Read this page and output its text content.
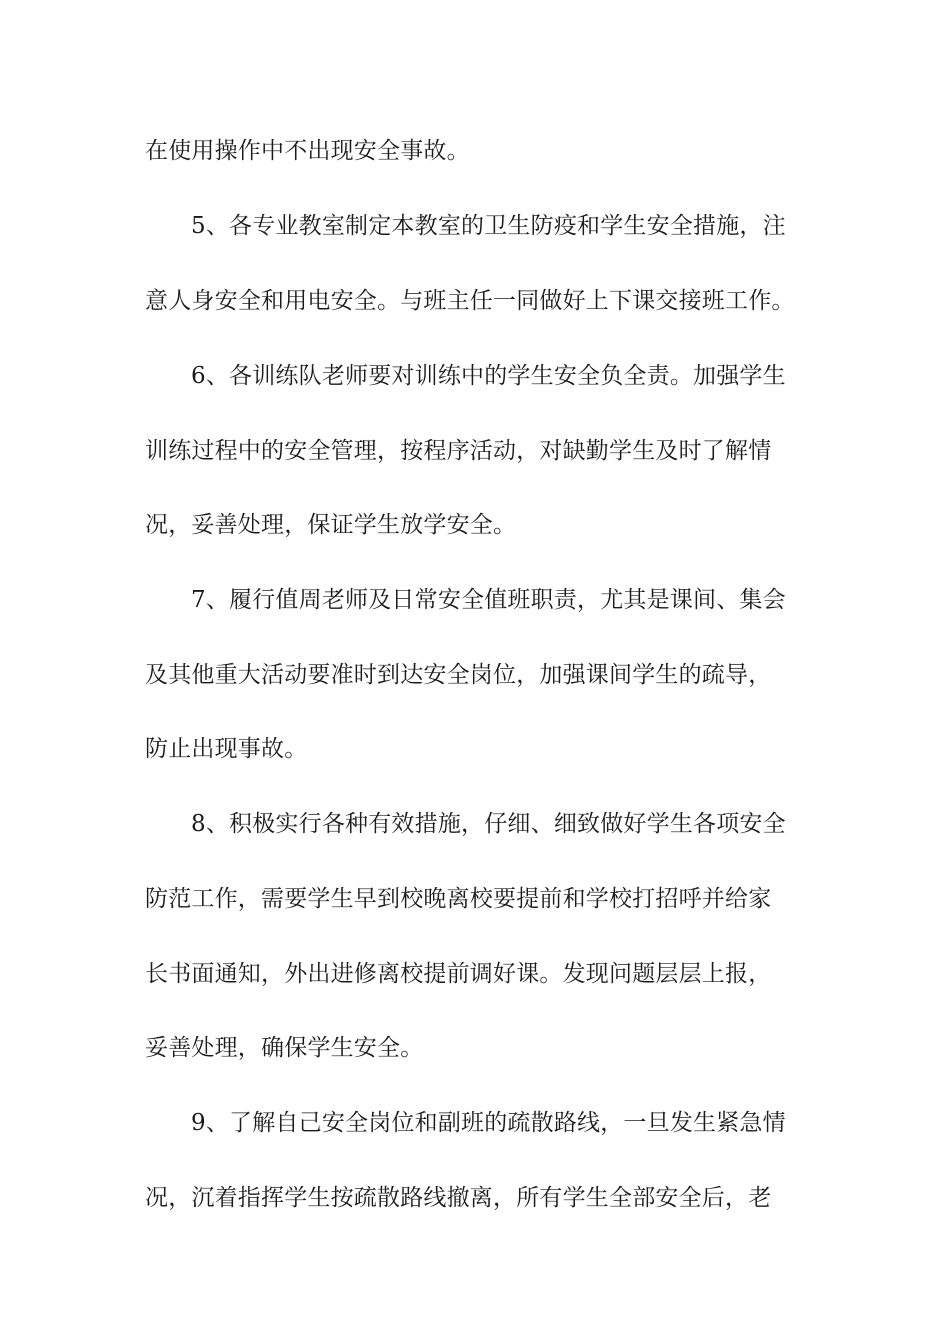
在使用操作中不出现安全事故。
5、各专业教室制定本教室的卫生防疫和学生安全措施，注
意人身安全和用电安全。与班主任一同做好上下课交接班工作。
6、各训练队老师要对训练中的学生安全负全责。加强学生
训练过程中的安全管理，按程序活动，对缺勤学生及时了解情
况，妥善处理，保证学生放学安全。
7、履行值周老师及日常安全值班职责，尤其是课间、集会
及其他重大活动要准时到达安全岗位，加强课间学生的疏导，
防止出现事故。
8、积极实行各种有效措施，仔细、细致做好学生各项安全
防范工作，需要学生早到校晚离校要提前和学校打招呼并给家
长书面通知，外出进修离校提前调好课。发现问题层层上报，
妥善处理，确保学生安全。
9、了解自己安全岗位和副班的疏散路线，一旦发生紧急情
况，沉着指挥学生按疏散路线撤离，所有学生全部安全后，老
